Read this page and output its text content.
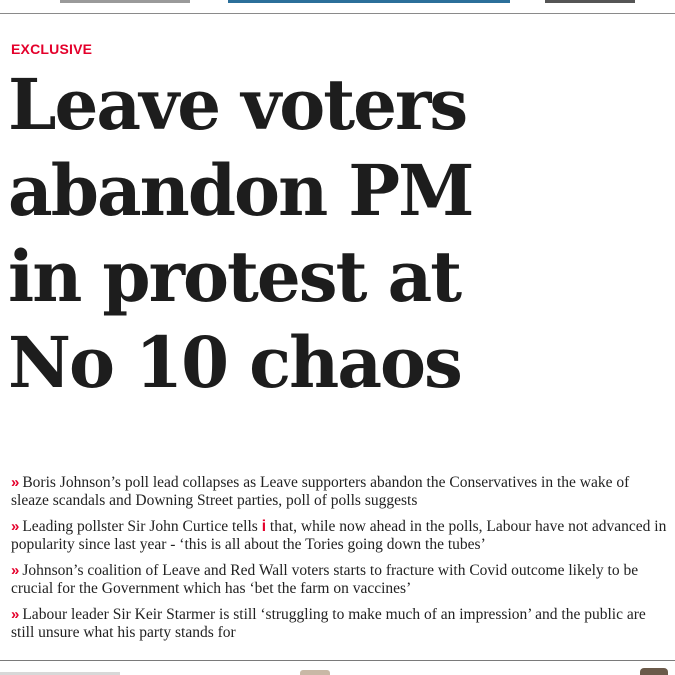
EXCLUSIVE
Leave voters
abandon PM
in protest at
No 10 chaos
» Boris Johnson’s poll lead collapses as Leave supporters abandon the Conservatives in the wake of sleaze scandals and Downing Street parties, poll of polls suggests
» Leading pollster Sir John Curtice tells i that, while now ahead in the polls, Labour have not advanced in popularity since last year - ‘this is all about the Tories going down the tubes’
» Johnson’s coalition of Leave and Red Wall voters starts to fracture with Covid outcome likely to be crucial for the Government which has ‘bet the farm on vaccines’
» Labour leader Sir Keir Starmer is still ‘struggling to make much of an impression’ and the public are still unsure what his party stands for
